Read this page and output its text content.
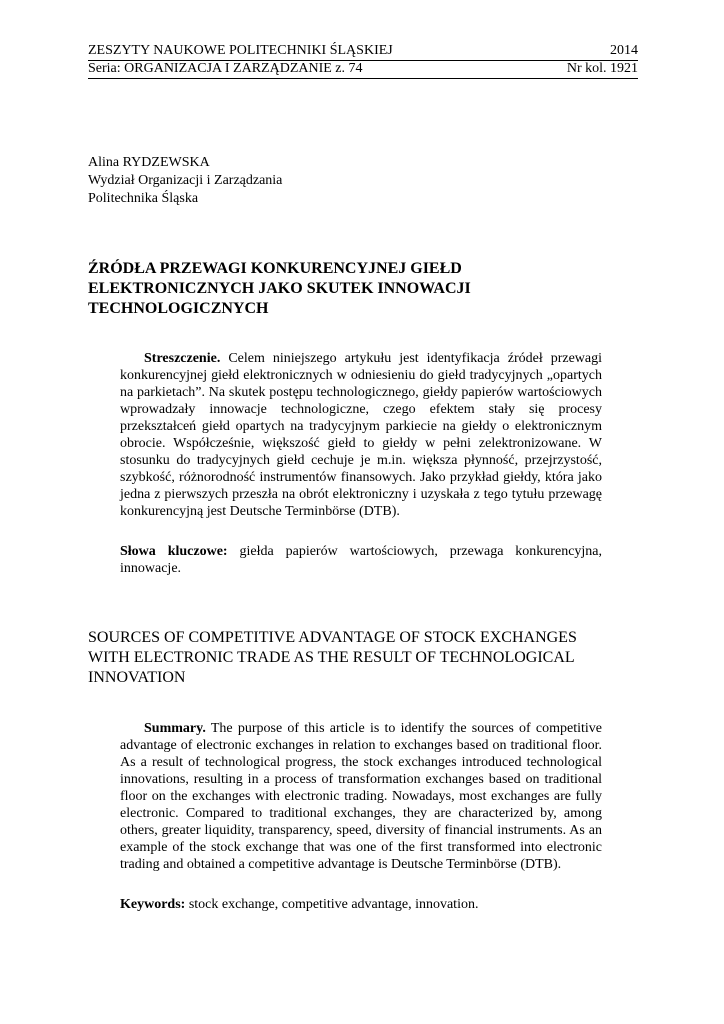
ZESZYTY NAUKOWE POLITECHNIKI ŚLĄSKIEJ	2014
Seria: ORGANIZACJA I ZARZĄDZANIE z. 74	Nr kol. 1921
Alina RYDZEWSKA
Wydział Organizacji i Zarządzania
Politechnika Śląska
ŹRÓDŁA PRZEWAGI KONKURENCYJNEJ GIEŁD
ELEKTRONICZNYCH JAKO SKUTEK INNOWACJI
TECHNOLOGICZNYCH

Streszczenie. Celem niniejszego artykułu jest identyfikacja źródeł przewagi konkurencyjnej giełd elektronicznych w odniesieniu do giełd tradycyjnych „opartych na parkietach”. Na skutek postępu technologicznego, giełdy papierów wartościowych wprowadzały innowacje technologiczne, czego efektem stały się procesy przekształceń giełd opartych na tradycyjnym parkiecie na giełdy o elektronicznym obrocie. Współcześnie, większość giełd to giełdy w pełni zelektronizowane. W stosunku do tradycyjnych giełd cechuje je m.in. większa płynność, przejrzystość, szybkość, różnorodność instrumentów finansowych. Jako przykład giełdy, która jako jedna z pierwszych przeszła na obrót elektroniczny i uzyskała z tego tytułu przewagę konkurencyjną jest Deutsche Terminbörse (DTB).

Słowa kluczowe: giełda papierów wartościowych, przewaga konkurencyjna, innowacje.

SOURCES OF COMPETITIVE ADVANTAGE OF STOCK EXCHANGES
WITH ELECTRONIC TRADE AS THE RESULT OF TECHNOLOGICAL
INNOVATION

Summary. The purpose of this article is to identify the sources of competitive advantage of electronic exchanges in relation to exchanges based on traditional floor. As a result of technological progress, the stock exchanges introduced technological innovations, resulting in a process of transformation exchanges based on traditional floor on the exchanges with electronic trading. Nowadays, most exchanges are fully electronic. Compared to traditional exchanges, they are characterized by, among others, greater liquidity, transparency, speed, diversity of financial instruments. As an example of the stock exchange that was one of the first transformed into electronic trading and obtained a competitive advantage is Deutsche Terminbörse (DTB).

Keywords: stock exchange, competitive advantage, innovation.
